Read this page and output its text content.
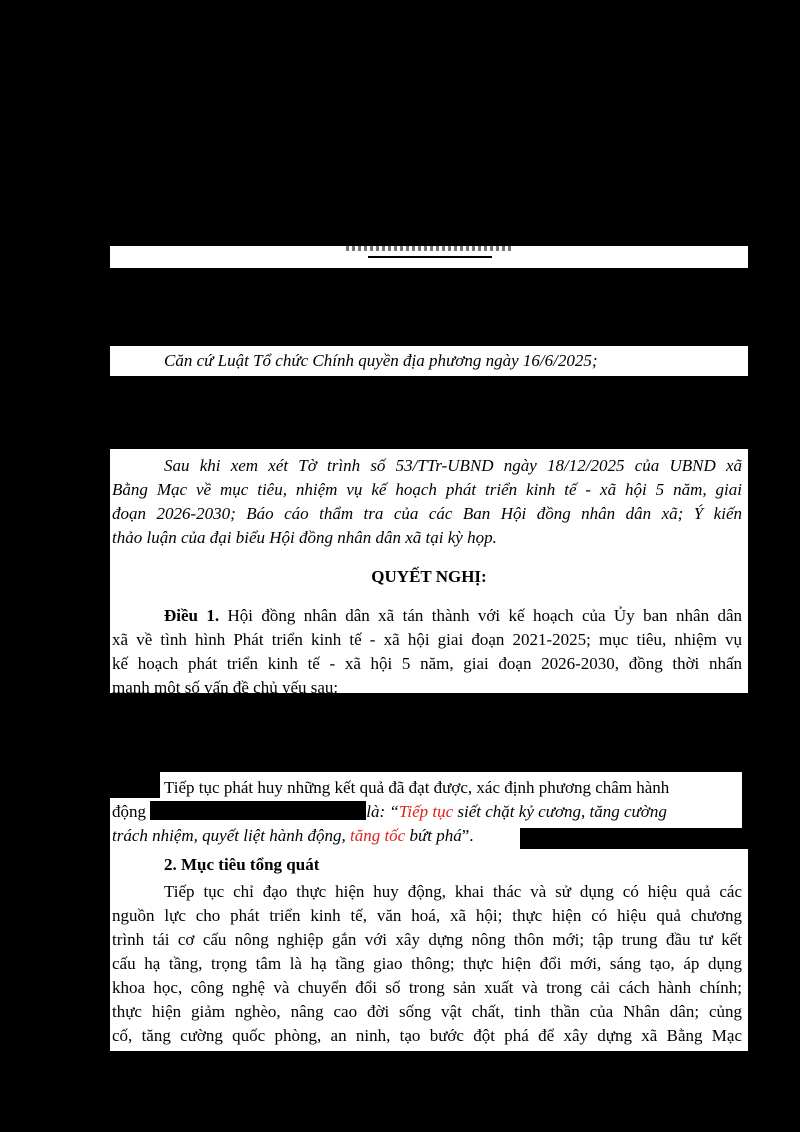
Căn cứ Luật Tổ chức Chính quyền địa phương ngày 16/6/2025;
Sau khi xem xét Tờ trình số 53/TTr-UBND ngày 18/12/2025 của UBND xã
Bằng Mạc về mục tiêu, nhiệm vụ kế hoạch phát triển kinh tế - xã hội 5 năm, giai
đoạn 2026-2030; Báo cáo thẩm tra của các Ban Hội đồng nhân dân xã; Ý kiến
thảo luận của đại biểu Hội đồng nhân dân xã tại kỳ họp.
QUYẾT NGHỊ:
Điều 1. Hội đồng nhân dân xã tán thành với kế hoạch của Ủy ban nhân dân
xã về tình hình Phát triển kinh tế - xã hội giai đoạn 2021-2025; mục tiêu, nhiệm vụ
kế hoạch phát triển kinh tế - xã hội 5 năm, giai đoạn 2026-2030, đồng thời nhấn
mạnh một số vấn đề chủ yếu sau:
Tiếp tục phát huy những kết quả đã đạt được, xác định phương châm hành
động	là: “Tiếp tục siết chặt kỷ cương, tăng cường
trách nhiệm, quyết liệt hành động, tăng tốc bứt phá”.
2. Mục tiêu tổng quát
Tiếp tục chỉ đạo thực hiện huy động, khai thác và sử dụng có hiệu quả các
nguồn lực cho phát triển kinh tế, văn hoá, xã hội; thực hiện có hiệu quả chương
trình tái cơ cấu nông nghiệp gắn với xây dựng nông thôn mới; tập trung đầu tư kết
cấu hạ tầng, trọng tâm là hạ tầng giao thông; thực hiện đổi mới, sáng tạo, áp dụng
khoa học, công nghệ và chuyển đổi số trong sản xuất và trong cải cách hành chính;
thực hiện giảm nghèo, nâng cao đời sống vật chất, tinh thần của Nhân dân; củng
cố, tăng cường quốc phòng, an ninh, tạo bước đột phá để xây dựng xã Bằng Mạc
